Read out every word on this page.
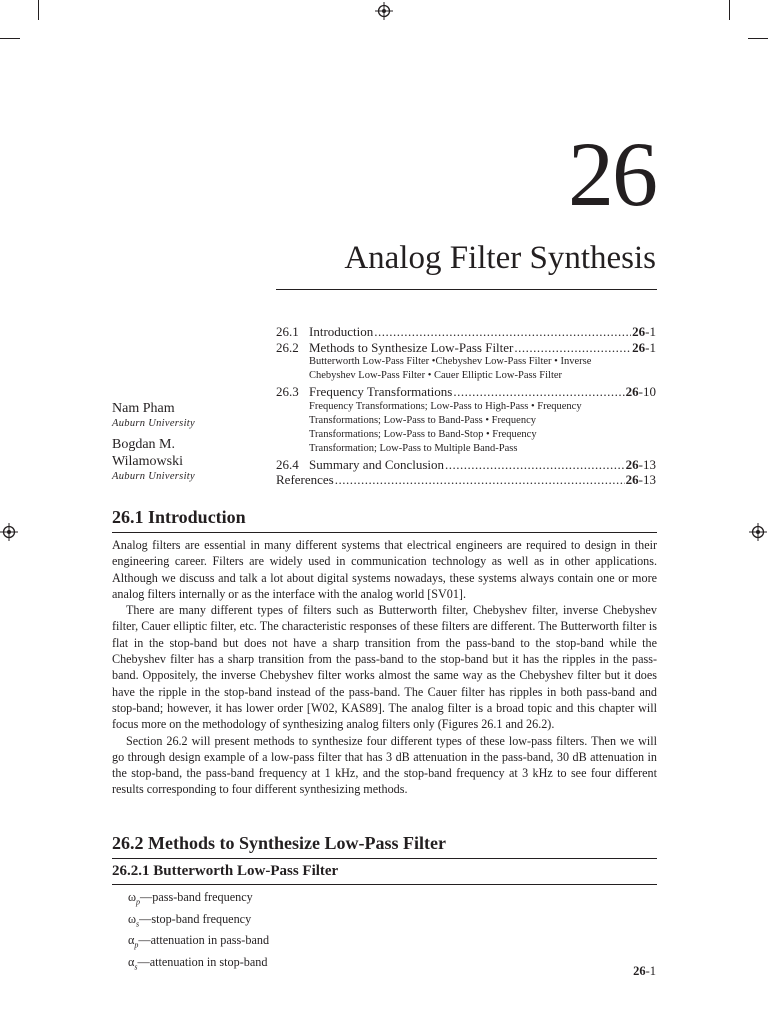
26
Analog Filter Synthesis
26.1 Introduction .....	26-1
26.2 Methods to Synthesize Low-Pass Filter .....	26-1
Butterworth Low-Pass Filter •Chebyshev Low-Pass Filter • Inverse
Chebyshev Low-Pass Filter • Cauer Elliptic Low-Pass Filter
26.3 Frequency Transformations .....	26-10
Frequency Transformations; Low-Pass to High-Pass • Frequency
Transformations; Low-Pass to Band-Pass • Frequency
Transformations; Low-Pass to Band-Stop • Frequency
Transformation; Low-Pass to Multiple Band-Pass
26.4 Summary and Conclusion .....	26-13
References .....	26-13
Nam Pham
Auburn University
Bogdan M. Wilamowski
Auburn University
26.1 Introduction

Analog filters are essential in many different systems that electrical engineers are required to design in their engineering career. Filters are widely used in communication technology as well as in other applications. Although we discuss and talk a lot about digital systems nowadays, these systems always contain one or more analog filters internally or as the interface with the analog world [SV01].

There are many different types of filters such as Butterworth filter, Chebyshev filter, inverse Chebyshev filter, Cauer elliptic filter, etc. The characteristic responses of these filters are different. The Butterworth filter is flat in the stop-band but does not have a sharp transition from the pass-band to the stop-band while the Chebyshev filter has a sharp transition from the pass-band to the stop-band but it has the ripples in the pass-band. Oppositely, the inverse Chebyshev filter works almost the same way as the Chebyshev filter but it does have the ripple in the stop-band instead of the pass-band. The Cauer filter has ripples in both pass-band and stop-band; however, it has lower order [W02, KAS89]. The analog filter is a broad topic and this chapter will focus more on the methodology of synthesizing analog filters only (Figures 26.1 and 26.2).

Section 26.2 will present methods to synthesize four different types of these low-pass filters. Then we will go through design example of a low-pass filter that has 3 dB attenuation in the pass-band, 30 dB attenuation in the stop-band, the pass-band frequency at 1 kHz, and the stop-band frequency at 3 kHz to see four different results corresponding to four different synthesizing methods.

26.2 Methods to Synthesize Low-Pass Filter
26.2.1 Butterworth Low-Pass Filter
$\omega_p—pass$-band frequency
$\omega_s—stop$-band frequency
$\alpha_p—attenuation$ in pass-band
$\alpha_s—attenuation$ in stop-band
26-1
